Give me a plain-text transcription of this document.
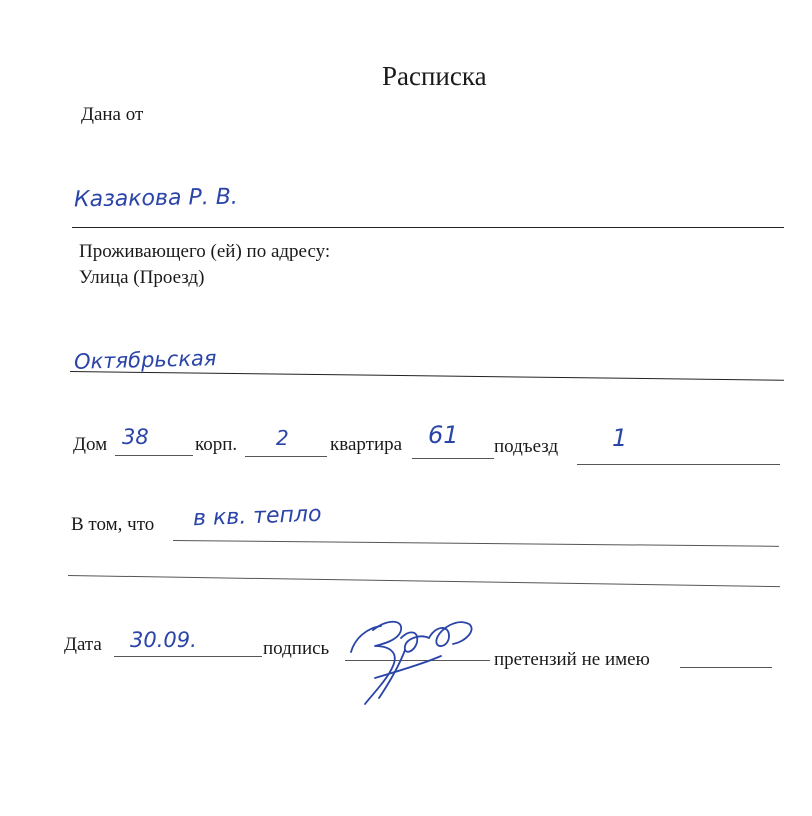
Расписка
Дана от
Казакова Р. В.
Проживающего (ей) по адресу:
Улица (Проезд)
Октябрьская
Дом 38 корп. 2 квартира 61 подъезд 1
В том, что в кв. тепло
Дата 30.09.	подпись
претензий не имею
